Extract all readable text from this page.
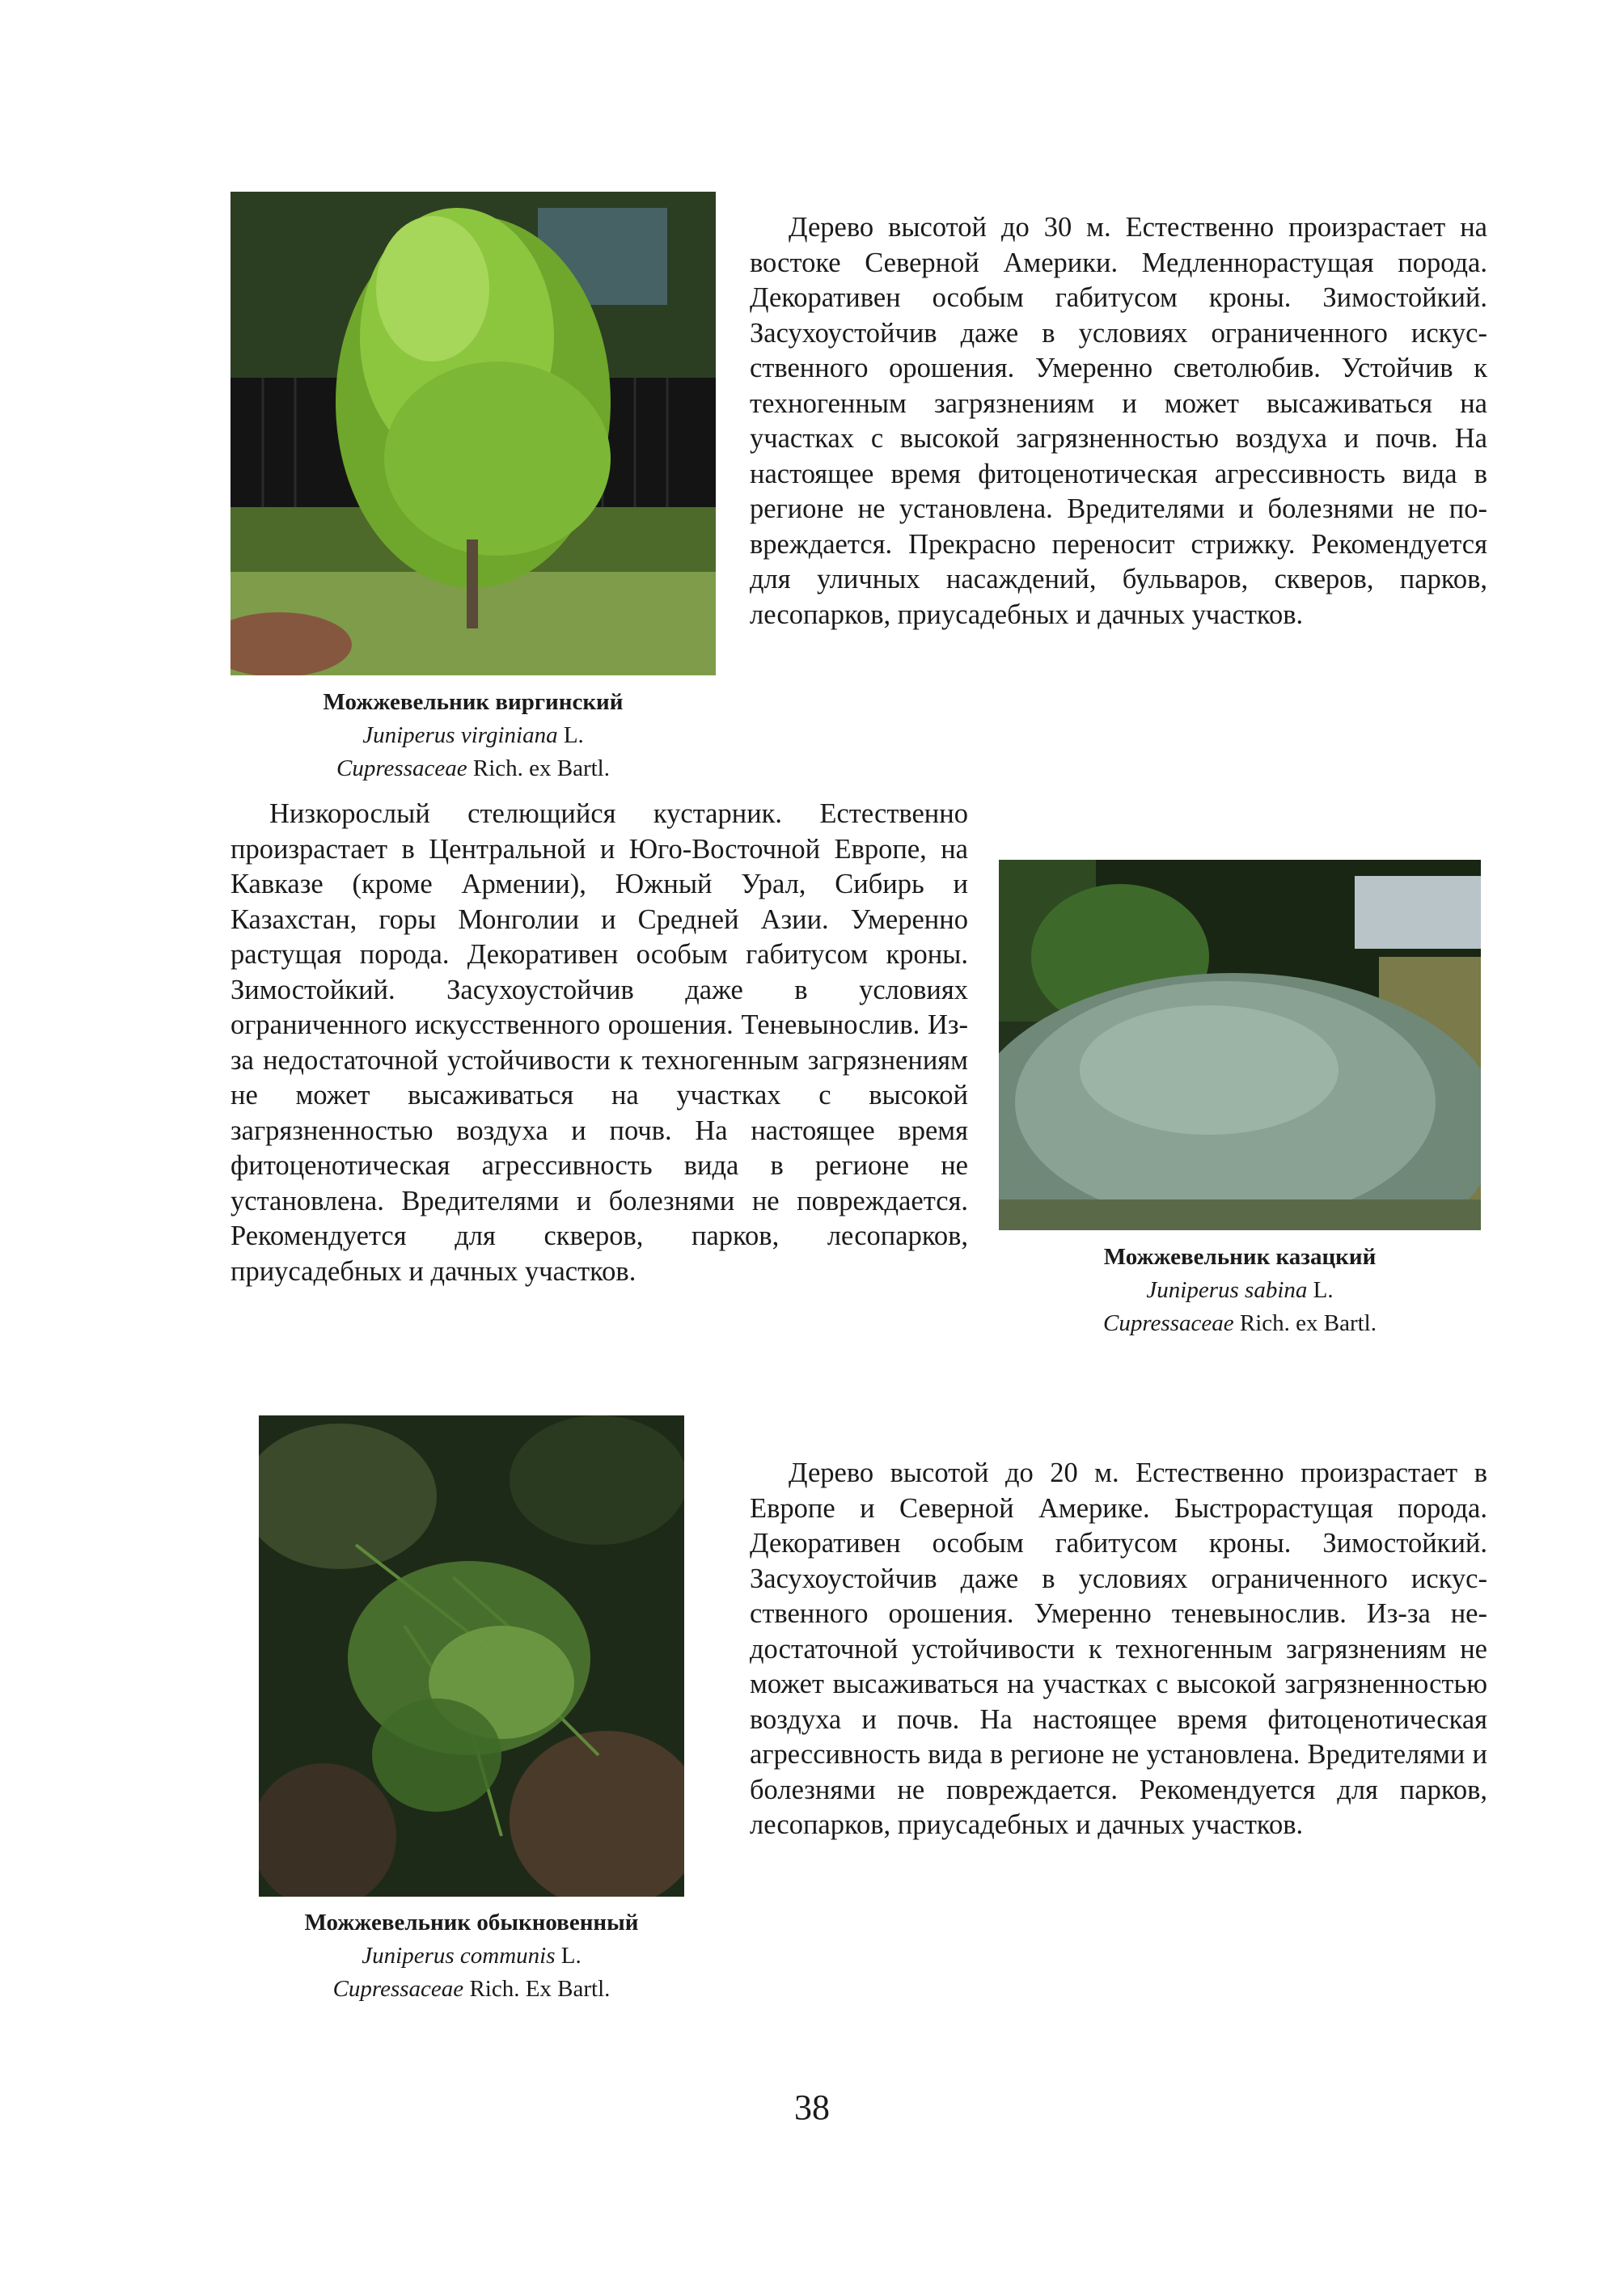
Можжевельник виргинский
Juniperus virginiana L.
Cupressaceae Rich. ex Bartl.

Дерево высотой до 30 м. Естественно произрастает на востоке Северной Америки. Медленнорастущая порода. Декоративен особым габитусом кроны. Зимостойкий. Засухоустойчив даже в условиях ограниченного искусственного орошения. Умеренно светолюбив. Устойчив к техногенным загрязнениям и может высаживаться на участках с высокой загрязненностью воздуха и почв. На настоящее время фитоценотическая агрессивность вида в регионе не установлена. Вредителями и болезнями не повреждается. Прекрасно переносит стрижку. Рекомендуется для уличных насаждений, бульваров, скверов, парков, лесопарков, приусадебных и дачных участков.

Низкорослый стелющийся кустарник. Естественно произрастает в Центральной и Юго-Восточной Европе, на Кавказе (кроме Армении), Южный Урал, Сибирь и Казахстан, горы Монголии и Средней Азии. Умеренно растущая порода. Декоративен особым габитусом кроны. Зимостойкий. Засухоустойчив даже в условиях ограниченного искусственного орошения. Теневынослив. Из-за недостаточной устойчивости к техногенным загрязнениям не может высаживаться на участках с высокой загрязненностью воздуха и почв. На настоящее время фитоценотическая агрессивность вида в регионе не установлена. Вредителями и болезнями не повреждается. Рекомендуется для скверов, парков, лесопарков, приусадебных и дачных участков.	Можжевельник казацкий
Juniperus sabina L.
Cupressaceae Rich. ex Bartl.
Можжевельник обыкновенный
Juniperus communis L.
Cupressaceae Rich. Ex Bartl.

Дерево высотой до 20 м. Естественно произрастает в Европе и Северной Америке. Быстрорастущая порода. Декоративен особым габитусом кроны. Зимостойкий. Засухоустойчив даже в условиях ограниченного искусственного орошения. Умеренно теневынослив. Из-за недостаточной устойчивости к техногенным загрязнениям не может высаживаться на участках с высокой загрязненностью воздуха и почв. На настоящее время фитоценотическая агрессивность вида в регионе не установлена. Вредителями и болезнями не повреждается. Рекомендуется для парков, лесопарков, приусадебных и дачных участков.

38
